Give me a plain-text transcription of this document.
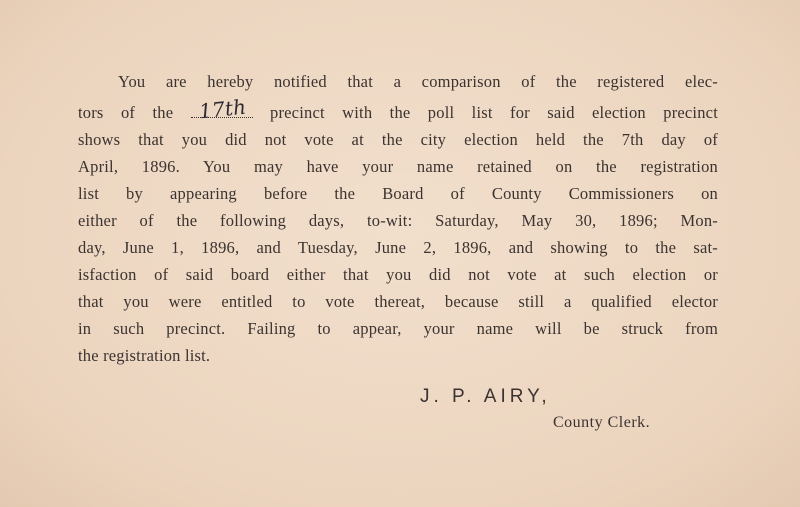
You are hereby notified that a comparison of the registered elec-
tors of the 17th precinct with the poll list for said election precinct
shows that you did not vote at the city election held the 7th day of
April, 1896. You may have your name retained on the registration
list by appearing before the Board of County Commissioners on
either of the following days, to-wit: Saturday, May 30, 1896; Mon-
day, June 1, 1896, and Tuesday, June 2, 1896, and showing to the sat-
isfaction of said board either that you did not vote at such election or
that you were entitled to vote thereat, because still a qualified elector
in such precinct. Failing to appear, your name will be struck from
the registration list.
J. P. AIRY,
County Clerk.
